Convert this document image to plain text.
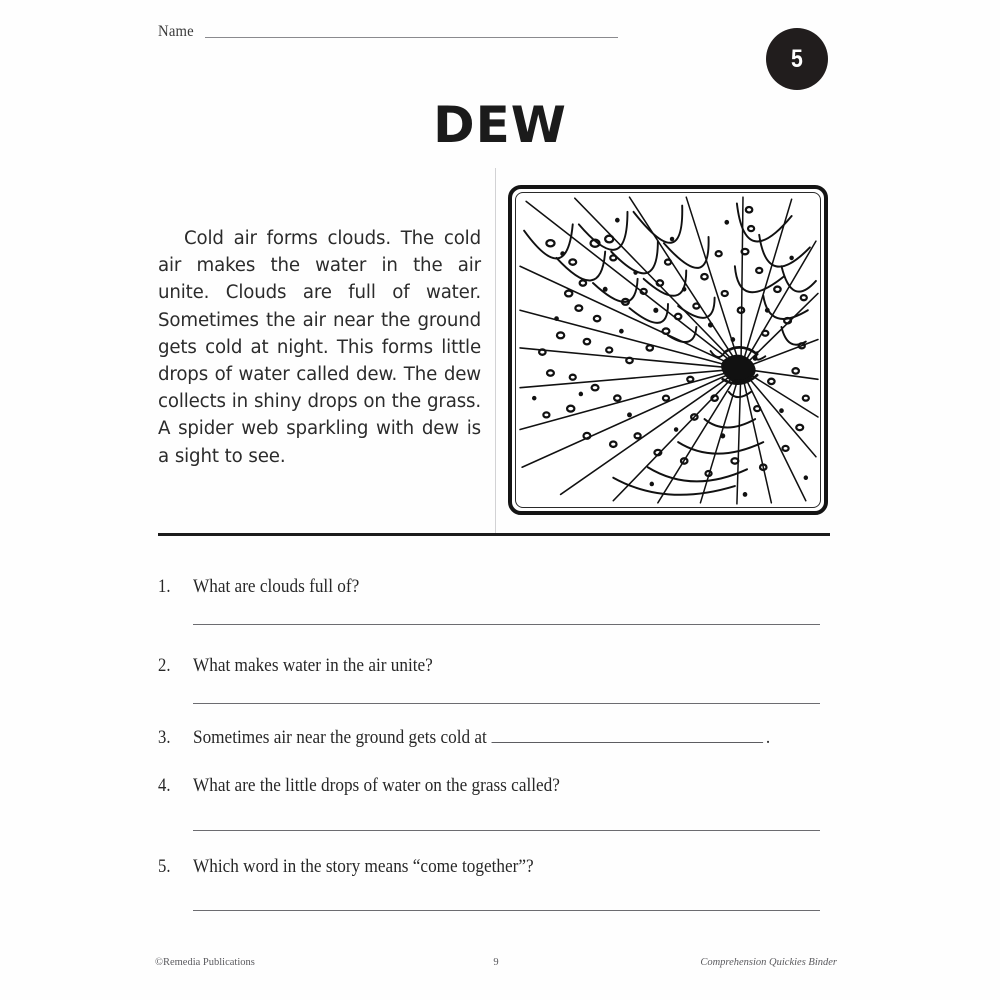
Name
5
DEW
Cold air forms clouds. The cold air makes the water in the air unite. Clouds are full of water. Sometimes the air near the ground gets cold at night. This forms little drops of water called dew. The dew collects in shiny drops on the grass. A spider web sparkling with dew is a sight to see.
1.	What are clouds full of?
2.	What makes water in the air unite?
3.	Sometimes air near the ground gets cold at	.
4.	What are the little drops of water on the grass called?
5.	Which word in the story means “come together”?
©Remedia Publications	9	Comprehension Quickies Binder
